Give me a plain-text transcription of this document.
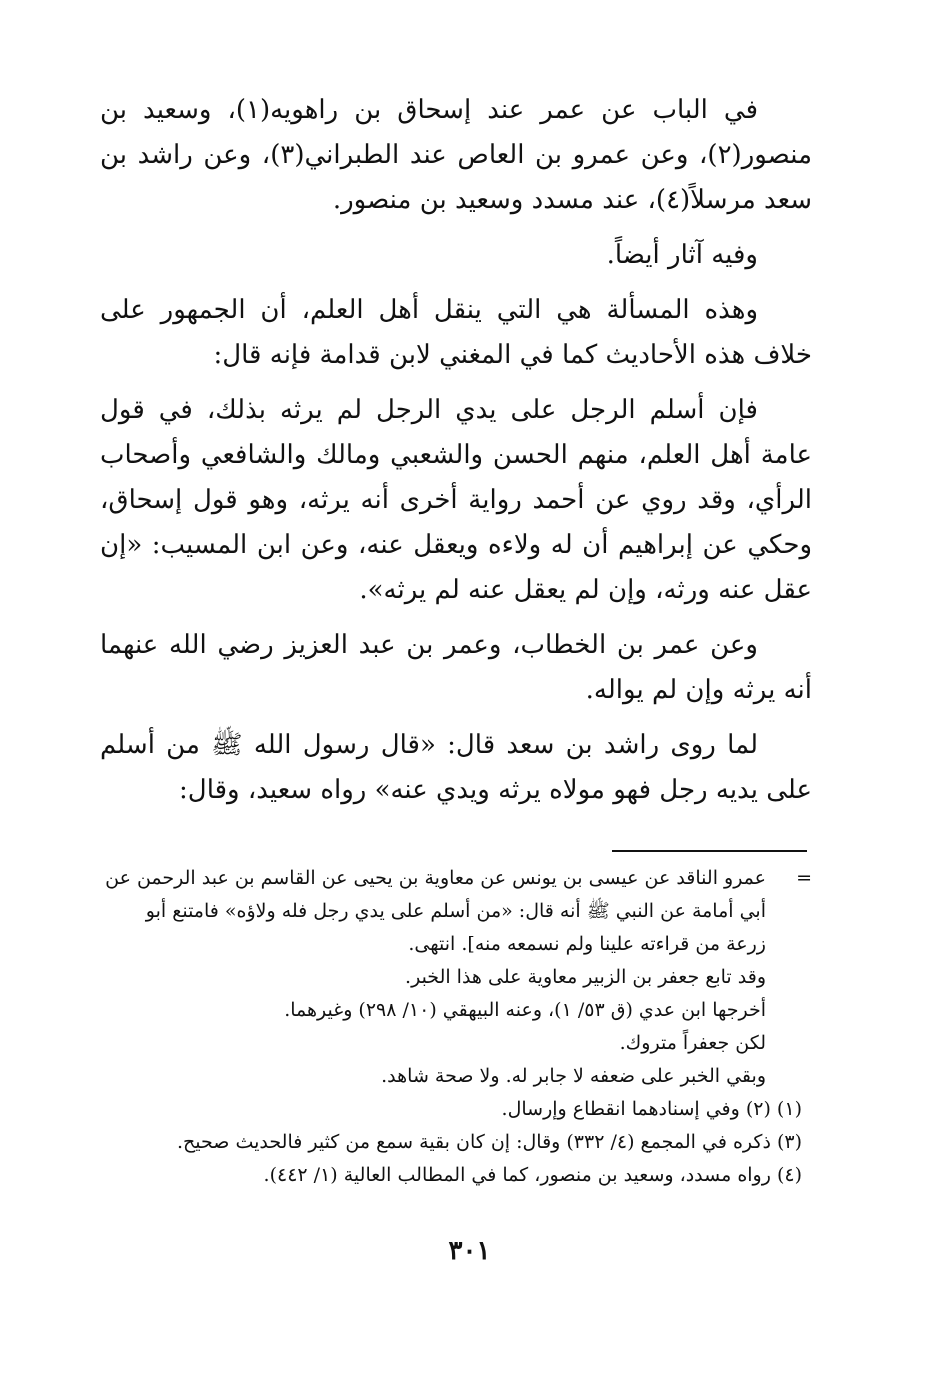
في الباب عن عمر عند إسحاق بن راهويه(١)، وسعيد بن منصور(٢)، وعن عمرو بن العاص عند الطبراني(٣)، وعن راشد بن سعد مرسلاً(٤)، عند مسدد وسعيد بن منصور.

وفيه آثار أيضاً.

وهذه المسألة هي التي ينقل أهل العلم، أن الجمهور على خلاف هذه الأحاديث كما في المغني لابن قدامة فإنه قال:

فإن أسلم الرجل على يدي الرجل لم يرثه بذلك، في قول عامة أهل العلم، منهم الحسن والشعبي ومالك والشافعي وأصحاب الرأي، وقد روي عن أحمد رواية أخرى أنه يرثه، وهو قول إسحاق، وحكي عن إبراهيم أن له ولاءه ويعقل عنه، وعن ابن المسيب: «إن عقل عنه ورثه، وإن لم يعقل عنه لم يرثه».

وعن عمر بن الخطاب، وعمر بن عبد العزيز رضي الله عنهما أنه يرثه وإن لم يواله.

لما روى راشد بن سعد قال: «قال رسول الله ﷺ من أسلم على يديه رجل فهو مولاه يرثه ويدي عنه» رواه سعيد، وقال:

=
عمرو الناقد عن عيسى بن يونس عن معاوية بن يحيى عن القاسم بن عبد الرحمن عن

أبي أمامة عن النبي ﷺ أنه قال: «من أسلم على يدي رجل فله ولاؤه» فامتنع أبو

زرعة من قراءته علينا ولم نسمعه منه]. انتهى.

وقد تابع جعفر بن الزبير معاوية على هذا الخبر.

أخرجها ابن عدي (ق ٥٣/ ١)، وعنه البيهقي (١٠/ ٢٩٨) وغيرهما.

لكن جعفراً متروك.

وبقي الخبر على ضعفه لا جابر له. ولا صحة شاهد.

(١) (٢) وفي إسنادهما انقطاع وإرسال.

(٣) ذكره في المجمع (٤/ ٣٣٢) وقال: إن كان بقية سمع من كثير فالحديث صحيح.

(٤) رواه مسدد، وسعيد بن منصور، كما في المطالب العالية (١/ ٤٤٢).

٣٠١
